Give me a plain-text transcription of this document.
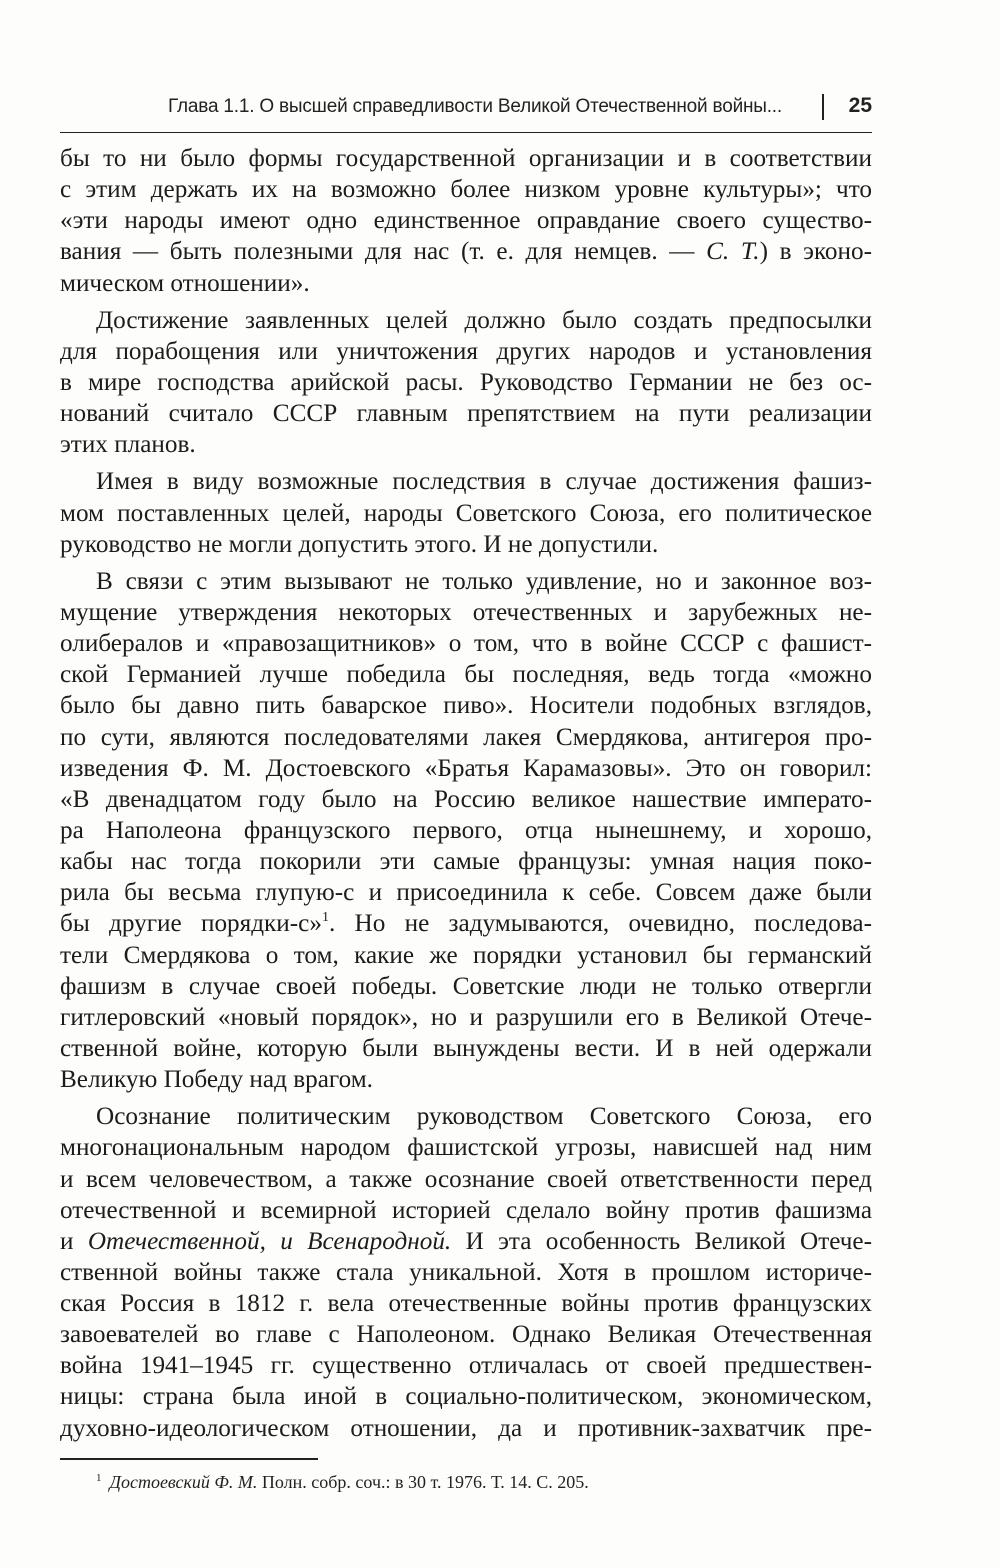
Глава 1.1. О высшей справедливости Великой Отечественной войны...	25
бы то ни было формы государственной организации и в соответствии
с этим держать их на возможно более низком уровне культуры»; что
«эти народы имеют одно единственное оправдание своего существо-
вания — быть полезными для нас (т. е. для немцев. — С. Т.) в эконо-
мическом отношении».
Достижение заявленных целей должно было создать предпосылки
для порабощения или уничтожения других народов и установления
в мире господства арийской расы. Руководство Германии не без ос-
нований считало СССР главным препятствием на пути реализации
этих планов.
Имея в виду возможные последствия в случае достижения фашиз-
мом поставленных целей, народы Советского Союза, его политическое
руководство не могли допустить этого. И не допустили.
В связи с этим вызывают не только удивление, но и законное воз-
мущение утверждения некоторых отечественных и зарубежных не-
олибералов и «правозащитников» о том, что в войне СССР с фашист-
ской Германией лучше победила бы последняя, ведь тогда «можно
было бы давно пить баварское пиво». Носители подобных взглядов,
по сути, являются последователями лакея Смердякова, антигероя про-
изведения Ф. М. Достоевского «Братья Карамазовы». Это он говорил:
«В двенадцатом году было на Россию великое нашествие императо-
ра Наполеона французского первого, отца нынешнему, и хорошо,
кабы нас тогда покорили эти самые французы: умная нация поко-
рила бы весьма глупую-с и присоединила к себе. Совсем даже были
бы другие порядки-с»$^1$. Но не задумываются, очевидно, последова-
тели Смердякова о том, какие же порядки установил бы германский
фашизм в случае своей победы. Советские люди не только отвергли
гитлеровский «новый порядок», но и разрушили его в Великой Отече-
ственной войне, которую были вынуждены вести. И в ней одержали
Великую Победу над врагом.
Осознание политическим руководством Советского Союза, его
многонациональным народом фашистской угрозы, нависшей над ним
и всем человечеством, а также осознание своей ответственности перед
отечественной и всемирной историей сделало войну против фашизма
и Отечественной, и Всенародной. И эта особенность Великой Отече-
ственной войны также стала уникальной. Хотя в прошлом историче-
ская Россия в 1812 г. вела отечественные войны против французских
завоевателей во главе с Наполеоном. Однако Великая Отечественная
война 1941–1945 гг. существенно отличалась от своей предшествен-
ницы: страна была иной в социально-политическом, экономическом,
духовно-идеологическом отношении, да и противник-захватчик пре-
$^1$ Достоевский Ф. М. Полн. собр. соч.: в 30 т. 1976. Т. 14. С. 205.
